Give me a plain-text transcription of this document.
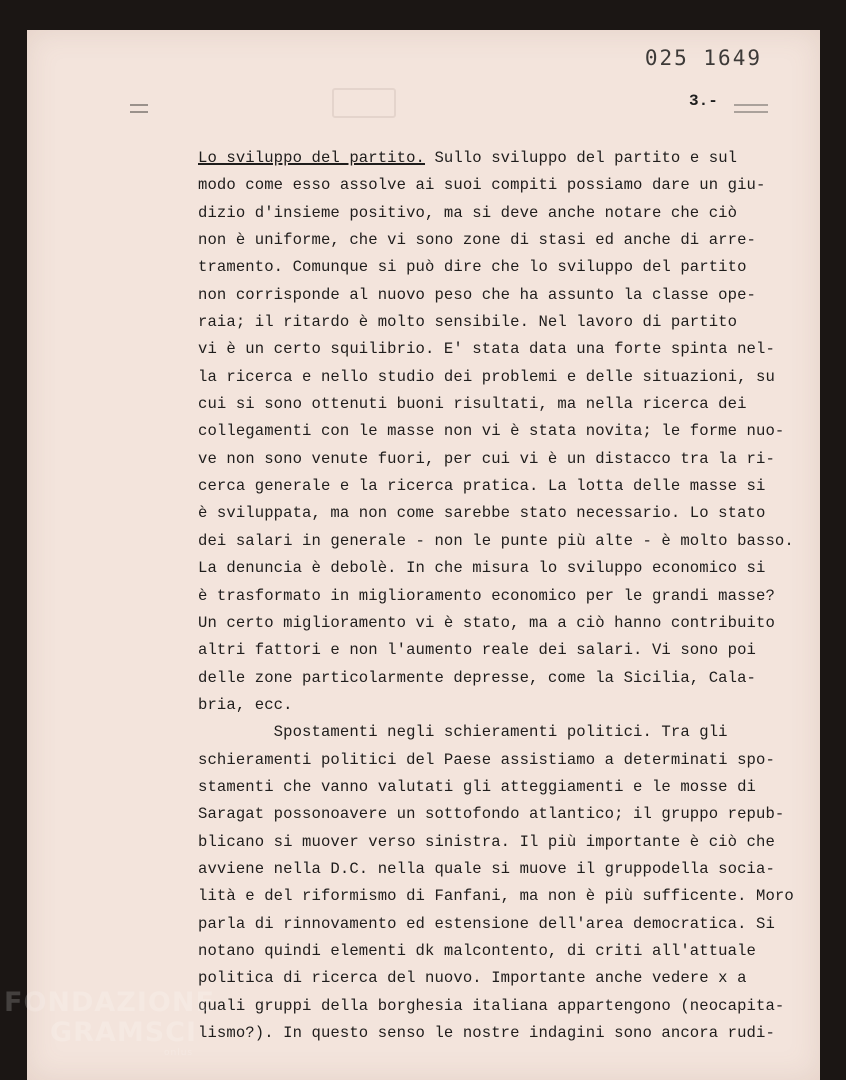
025 1649
3.-
Lo sviluppo del partito. Sullo sviluppo del partito e sul
modo come esso assolve ai suoi compiti possiamo dare un giu-
dizio d'insieme positivo, ma si deve anche notare che ciò
non è uniforme, che vi sono zone di stasi ed anche di arre-
tramento. Comunque si può dire che lo sviluppo del partito
non corrisponde al nuovo peso che ha assunto la classe ope-
raia; il ritardo è molto sensibile. Nel lavoro di partito
vi è un certo squilibrio. E' stata data una forte spinta nel-
la ricerca e nello studio dei problemi e delle situazioni, su
cui si sono ottenuti buoni risultati, ma nella ricerca dei
collegamenti con le masse non vi è stata novita; le forme nuo-
ve non sono venute fuori, per cui vi è un distacco tra la ri-
cerca generale e la ricerca pratica. La lotta delle masse si
è sviluppata, ma non come sarebbe stato necessario. Lo stato
dei salari in generale - non le punte più alte - è molto basso.
La denuncia è debolè. In che misura lo sviluppo economico si
è trasformato in miglioramento economico per le grandi masse?
Un certo miglioramento vi è stato, ma a ciò hanno contribuito
altri fattori e non l'aumento reale dei salari. Vi sono poi
delle zone particolarmente depresse, come la Sicilia, Cala-
bria, ecc.
Spostamenti negli schieramenti politici. Tra gli
schieramenti politici del Paese assistiamo a determinati spo-
stamenti che vanno valutati gli atteggiamenti e le mosse di
Saragat possonoavere un sottofondo atlantico; il gruppo repub-
blicano si muover verso sinistra. Il più importante è ciò che
avviene nella D.C. nella quale si muove il gruppodella socia-
lità e del riformismo di Fanfani, ma non è più sufficente. Moro
parla di rinnovamento ed estensione dell'area democratica. Si
notano quindi elementi dk malcontento, di criti all'attuale
politica di ricerca del nuovo. Importante anche vedere x a
quali gruppi della borghesia italiana appartengono (neocapita-
lismo?). In questo senso le nostre indagini sono ancora rudi-
FONDAZIONE
GRAMSCI
onlus
